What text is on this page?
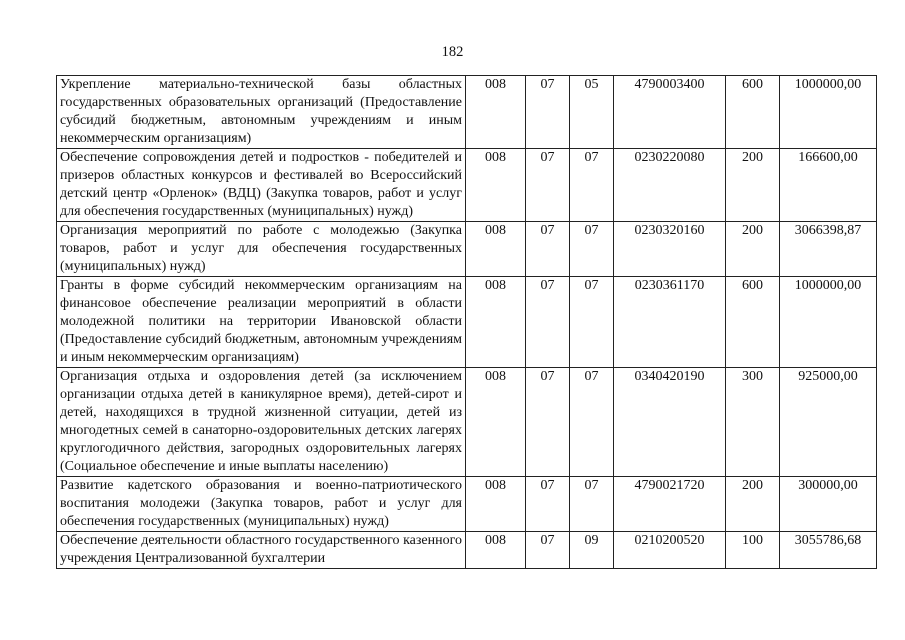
182
Укрепление материально-технической базы областных государственных образовательных организаций (Предоставление субсидий бюджетным, автономным учреждениям и иным некоммерческим организациям)	008	07	05	4790003400	600	1000000,00
Обеспечение сопровождения детей и подростков - победителей и призеров областных конкурсов и фестивалей во Всероссийский детский центр «Орленок» (ВДЦ) (Закупка товаров, работ и услуг для обеспечения государственных (муниципальных) нужд)	008	07	07	0230220080	200	166600,00
Организация мероприятий по работе с молодежью (Закупка товаров, работ и услуг для обеспечения государственных (муниципальных) нужд)	008	07	07	0230320160	200	3066398,87
Гранты в форме субсидий некоммерческим организациям на финансовое обеспечение реализации мероприятий в области молодежной политики на территории Ивановской области (Предоставление субсидий бюджетным, автономным учреждениям и иным некоммерческим организациям)	008	07	07	0230361170	600	1000000,00
Организация отдыха и оздоровления детей (за исключением организации отдыха детей в каникулярное время), детей-сирот и детей, находящихся в трудной жизненной ситуации, детей из многодетных семей в санаторно-оздоровительных детских лагерях круглогодичного действия, загородных оздоровительных лагерях (Социальное обеспечение и иные выплаты населению)	008	07	07	0340420190	300	925000,00
Развитие кадетского образования и военно-патриотического воспитания молодежи (Закупка товаров, работ и услуг для обеспечения государственных (муниципальных) нужд)	008	07	07	4790021720	200	300000,00

Обеспечение деятельности областного государственного казенного учреждения Централизованной бухгалтерии	008	07	09	0210200520	100	3055786,68
